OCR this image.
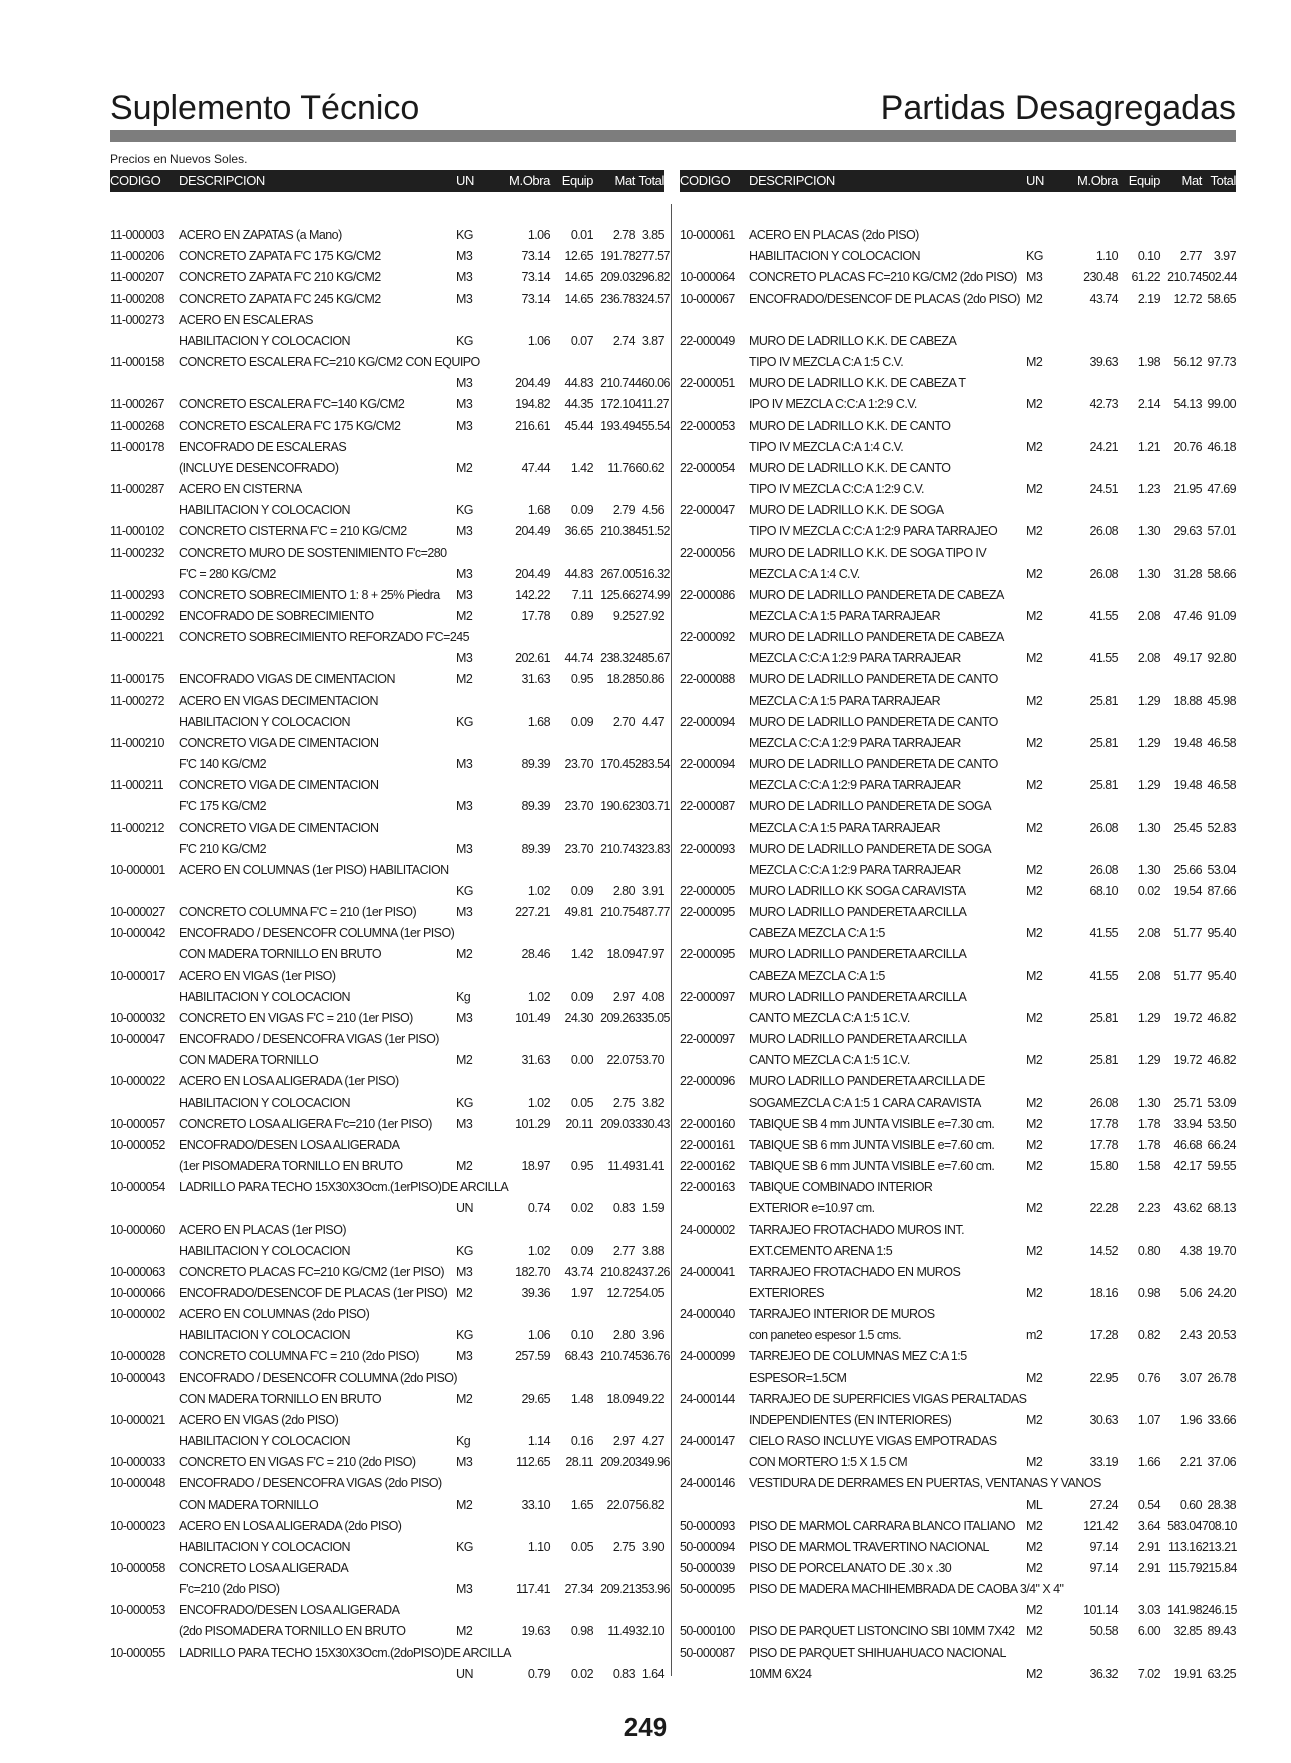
Suplemento Técnico	Partidas Desagregadas
Precios en Nuevos Soles.
CODIGO	DESCRIPCION	UN	M.Obra Equip	Mat Total
11-000003	ACERO EN ZAPATAS (a Mano)	KG	1.06	0.01	2.78 3.85
11-000206	CONCRETO ZAPATA F'C 175 KG/CM2	M3	73.14	12.65 191.78 277.57
11-000207	CONCRETO ZAPATA F'C 210 KG/CM2	M3	73.14	14.65 209.03 296.82
11-000208	CONCRETO ZAPATA F'C 245 KG/CM2	M3	73.14	14.65 236.78 324.57
11-000273	ACERO EN ESCALERAS
HABILITACION Y COLOCACION	KG	1.06	0.07	2.74 3.87
11-000158	CONCRETO ESCALERA FC=210 KG/CM2 CON EQUIPO
M3	204.49	44.83 210.74 460.06
11-000267	CONCRETO ESCALERA F'C=140 KG/CM2	M3	194.82	44.35 172.10 411.27
11-000268	CONCRETO ESCALERA F'C 175 KG/CM2	M3	216.61	45.44 193.49 455.54
11-000178	ENCOFRADO DE ESCALERAS
(INCLUYE DESENCOFRADO)	M2	47.44	1.42	11.76 60.62
11-000287	ACERO EN CISTERNA
HABILITACION Y COLOCACION	KG	1.68	0.09	2.79 4.56
11-000102	CONCRETO CISTERNA F'C = 210 KG/CM2	M3	204.49	36.65 210.38 451.52
11-000232	CONCRETO MURO DE SOSTENIMIENTO F'c=280
F'C = 280 KG/CM2	M3	204.49	44.83 267.00 516.32
11-000293	CONCRETO SOBRECIMIENTO 1: 8 + 25% Piedra M3	142.22	7.11 125.66 274.99
11-000292	ENCOFRADO DE SOBRECIMIENTO	M2	17.78	0.89	9.25 27.92
11-000221	CONCRETO SOBRECIMIENTO REFORZADO F'C=245
M3	202.61	44.74 238.32 485.67
11-000175	ENCOFRADO VIGAS DE CIMENTACION	M2	31.63	0.95	18.28 50.86
11-000272	ACERO EN VIGAS DECIMENTACION
HABILITACION Y COLOCACION	KG	1.68	0.09	2.70 4.47
11-000210	CONCRETO VIGA DE CIMENTACION
F'C 140 KG/CM2	M3	89.39	23.70 170.45 283.54
11-000211	CONCRETO VIGA DE CIMENTACION
F'C 175 KG/CM2	M3	89.39	23.70 190.62 303.71
11-000212	CONCRETO VIGA DE CIMENTACION
F'C 210 KG/CM2	M3	89.39	23.70 210.74 323.83
10-000001	ACERO EN COLUMNAS (1er PISO) HABILITACION
KG	1.02	0.09	2.80 3.91
10-000027	CONCRETO COLUMNA F'C = 210 (1er PISO)	M3	227.21	49.81 210.75 487.77
10-000042	ENCOFRADO / DESENCOFR COLUMNA (1er PISO)
CON MADERA TORNILLO EN BRUTO	M2	28.46	1.42	18.09 47.97
10-000017	ACERO EN VIGAS (1er PISO)
HABILITACION Y COLOCACION	Kg	1.02	0.09	2.97 4.08
10-000032	CONCRETO EN VIGAS F'C = 210 (1er PISO)	M3	101.49	24.30 209.26 335.05
10-000047	ENCOFRADO / DESENCOFRA VIGAS (1er PISO)
CON MADERA TORNILLO	M2	31.63	0.00	22.07 53.70
10-000022	ACERO EN LOSA ALIGERADA (1er PISO)
HABILITACION Y COLOCACION	KG	1.02	0.05	2.75 3.82
10-000057	CONCRETO LOSA ALIGERA F'c=210 (1er PISO) M3	101.29	20.11 209.03 330.43
10-000052	ENCOFRADO/DESEN LOSA ALIGERADA
(1er PISOMADERA TORNILLO EN BRUTO	M2	18.97	0.95	11.49 31.41
10-000054	LADRILLO PARA TECHO 15X30X3Ocm.(1erPISO)DE ARCILLA
UN	0.74	0.02	0.83 1.59
10-000060	ACERO EN PLACAS (1er PISO)
HABILITACION Y COLOCACION	KG	1.02	0.09	2.77 3.88
10-000063	CONCRETO PLACAS FC=210 KG/CM2 (1er PISO) M3	182.70	43.74 210.82 437.26
10-000066	ENCOFRADO/DESENCOF DE PLACAS (1er PISO) M2	39.36	1.97	12.72 54.05
10-000002	ACERO EN COLUMNAS (2do PISO)
HABILITACION Y COLOCACION	KG	1.06	0.10	2.80 3.96
10-000028	CONCRETO COLUMNA F'C = 210 (2do PISO)	M3	257.59	68.43 210.74 536.76
10-000043	ENCOFRADO / DESENCOFR COLUMNA (2do PISO)
CON MADERA TORNILLO EN BRUTO	M2	29.65	1.48	18.09 49.22
10-000021	ACERO EN VIGAS (2do PISO)
HABILITACION Y COLOCACION	Kg	1.14	0.16	2.97 4.27
10-000033	CONCRETO EN VIGAS F'C = 210 (2do PISO)	M3	112.65	28.11 209.20 349.96
10-000048	ENCOFRADO / DESENCOFRA VIGAS (2do PISO)
CON MADERA TORNILLO	M2	33.10	1.65	22.07 56.82
10-000023	ACERO EN LOSA ALIGERADA (2do PISO)
HABILITACION Y COLOCACION	KG	1.10	0.05	2.75 3.90
10-000058	CONCRETO LOSA ALIGERADA
F'c=210 (2do PISO)	M3	117.41	27.34 209.21 353.96
10-000053	ENCOFRADO/DESEN LOSA ALIGERADA
(2do PISOMADERA TORNILLO EN BRUTO	M2	19.63	0.98	11.49 32.10
10-000055	LADRILLO PARA TECHO 15X30X3Ocm.(2doPISO)DE ARCILLA
UN	0.79	0.02	0.83 1.64
CODIGO	DESCRIPCION	UN	M.Obra Equip	Mat Total
10-000061	ACERO EN PLACAS (2do PISO)
HABILITACION Y COLOCACION	KG	1.10	0.10	2.77 3.97
10-000064	CONCRETO PLACAS FC=210 KG/CM2 (2do PISO) M3	230.48	61.22 210.74 502.44
10-000067	ENCOFRADO/DESENCOF DE PLACAS (2do PISO) M2	43.74	2.19	12.72 58.65
22-000049	MURO DE LADRILLO K.K. DE CABEZA
TIPO IV MEZCLA C:A 1:5 C.V.	M2	39.63	1.98	56.12 97.73
22-000051	MURO DE LADRILLO K.K. DE CABEZA T
IPO IV MEZCLA C:C:A 1:2:9 C.V.	M2	42.73	2.14	54.13 99.00
22-000053	MURO DE LADRILLO K.K. DE CANTO
TIPO IV MEZCLA C:A 1:4 C.V.	M2	24.21	1.21	20.76 46.18
22-000054	MURO DE LADRILLO K.K. DE CANTO
TIPO IV MEZCLA C:C:A 1:2:9 C.V.	M2	24.51	1.23	21.95 47.69
22-000047	MURO DE LADRILLO K.K. DE SOGA
TIPO IV MEZCLA C:C:A 1:2:9 PARA TARRAJEO M2	26.08	1.30	29.63 57.01
22-000056	MURO DE LADRILLO K.K. DE SOGA TIPO IV
MEZCLA C:A 1:4 C.V.	M2	26.08	1.30	31.28 58.66
22-000086	MURO DE LADRILLO PANDERETA DE CABEZA
MEZCLA C:A 1:5 PARA TARRAJEAR	M2	41.55	2.08	47.46 91.09
22-000092	MURO DE LADRILLO PANDERETA DE CABEZA
MEZCLA C:C:A 1:2:9 PARA TARRAJEAR	M2	41.55	2.08	49.17 92.80
22-000088	MURO DE LADRILLO PANDERETA DE CANTO
MEZCLA C:A 1:5 PARA TARRAJEAR	M2	25.81	1.29	18.88 45.98
22-000094	MURO DE LADRILLO PANDERETA DE CANTO
MEZCLA C:C:A 1:2:9 PARA TARRAJEAR	M2	25.81	1.29	19.48 46.58
22-000094	MURO DE LADRILLO PANDERETA DE CANTO
MEZCLA C:C:A 1:2:9 PARA TARRAJEAR	M2	25.81	1.29	19.48 46.58
22-000087	MURO DE LADRILLO PANDERETA DE SOGA
MEZCLA C:A 1:5 PARA TARRAJEAR	M2	26.08	1.30	25.45 52.83
22-000093	MURO DE LADRILLO PANDERETA DE SOGA
MEZCLA C:C:A 1:2:9 PARA TARRAJEAR	M2	26.08	1.30	25.66 53.04
22-000005	MURO LADRILLO KK SOGA CARAVISTA	M2	68.10	0.02	19.54 87.66
22-000095	MURO LADRILLO PANDERETA ARCILLA
CABEZA MEZCLA C:A 1:5	M2	41.55	2.08	51.77 95.40
22-000095	MURO LADRILLO PANDERETA ARCILLA
CABEZA MEZCLA C:A 1:5	M2	41.55	2.08	51.77 95.40
22-000097	MURO LADRILLO PANDERETA ARCILLA
CANTO MEZCLA C:A 1:5 1C.V.	M2	25.81	1.29	19.72 46.82
22-000097	MURO LADRILLO PANDERETA ARCILLA
CANTO MEZCLA C:A 1:5 1C.V.	M2	25.81	1.29	19.72 46.82
22-000096	MURO LADRILLO PANDERETA ARCILLA DE
SOGAMEZCLA C:A 1:5 1 CARA CARAVISTA	M2	26.08	1.30	25.71 53.09
22-000160	TABIQUE SB 4 mm JUNTA VISIBLE e=7.30 cm.	M2	17.78	1.78	33.94 53.50
22-000161	TABIQUE SB 6 mm JUNTA VISIBLE e=7.60 cm.	M2	17.78	1.78	46.68 66.24
22-000162	TABIQUE SB 6 mm JUNTA VISIBLE e=7.60 cm.	M2	15.80	1.58	42.17 59.55
22-000163	TABIQUE COMBINADO INTERIOR
EXTERIOR e=10.97 cm.	M2	22.28	2.23	43.62 68.13
24-000002	TARRAJEO FROTACHADO MUROS INT.
EXT.CEMENTO ARENA 1:5	M2	14.52	0.80	4.38 19.70
24-000041	TARRAJEO FROTACHADO EN MUROS
EXTERIORES	M2	18.16	0.98	5.06 24.20
24-000040	TARRAJEO INTERIOR DE MUROS
con paneteo espesor 1.5 cms.	m2	17.28	0.82	2.43 20.53
24-000099	TARREJEO DE COLUMNAS MEZ C:A 1:5
ESPESOR=1.5CM	M2	22.95	0.76	3.07 26.78
24-000144	TARRAJEO DE SUPERFICIES VIGAS PERALTADAS
INDEPENDIENTES (EN INTERIORES)	M2	30.63	1.07	1.96 33.66
24-000147	CIELO RASO INCLUYE VIGAS EMPOTRADAS
CON MORTERO 1:5 X 1.5 CM	M2	33.19	1.66	2.21 37.06
24-000146	VESTIDURA DE DERRAMES EN PUERTAS, VENTANAS Y VANOS
ML	27.24	0.54	0.60 28.38
50-000093	PISO DE MARMOL CARRARA BLANCO ITALIANO M2	121.42	3.64 583.04 708.10
50-000094	PISO DE MARMOL TRAVERTINO NACIONAL	M2	97.14	2.91 113.16 213.21
50-000039	PISO DE PORCELANATO DE .30 x .30	M2	97.14	2.91 115.79 215.84
50-000095	PISO DE MADERA MACHIHEMBRADA DE CAOBA 3/4" X 4"
M2	101.14	3.03 141.98 246.15
50-000100	PISO DE PARQUET LISTONCINO SBI 10MM 7X42 M2	50.58	6.00	32.85 89.43
50-000087	PISO DE PARQUET SHIHUAHUACO NACIONAL
10MM 6X24	M2	36.32	7.02	19.91 63.25
249
